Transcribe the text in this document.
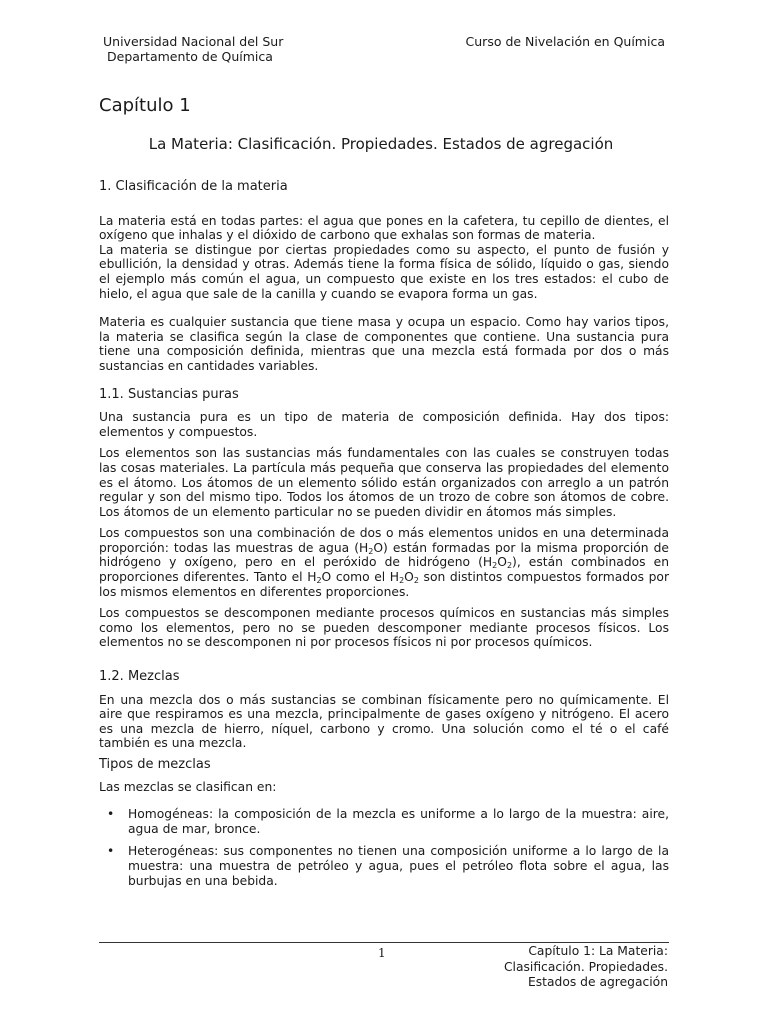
Universidad Nacional del Sur
Departamento de Química
Curso de Nivelación en Química
Capítulo 1
La Materia: Clasificación. Propiedades. Estados de agregación

1. Clasificación de la materia

La materia está en todas partes: el agua que pones en la cafetera, tu cepillo de dientes, el oxígeno que inhalas y el dióxido de carbono que exhalas son formas de materia.

La materia se distingue por ciertas propiedades como su aspecto, el punto de fusión y ebullición, la densidad y otras. Además tiene la forma física de sólido, líquido o gas, siendo el ejemplo más común el agua, un compuesto que existe en los tres estados: el cubo de hielo, el agua que sale de la canilla y cuando se evapora forma un gas.

Materia es cualquier sustancia que tiene masa y ocupa un espacio. Como hay varios tipos, la materia se clasifica según la clase de componentes que contiene. Una sustancia pura tiene una composición definida, mientras que una mezcla está formada por dos o más sustancias en cantidades variables.

1.1. Sustancias puras

Una sustancia pura es un tipo de materia de composición definida. Hay dos tipos: elementos y compuestos.

Los elementos son las sustancias más fundamentales con las cuales se construyen todas las cosas materiales. La partícula más pequeña que conserva las propiedades del elemento es el átomo. Los átomos de un elemento sólido están organizados con arreglo a un patrón regular y son del mismo tipo. Todos los átomos de un trozo de cobre son átomos de cobre. Los átomos de un elemento particular no se pueden dividir en átomos más simples.

Los compuestos son una combinación de dos o más elementos unidos en una determinada proporción: todas las muestras de agua $(H_2O)$ están formadas por la misma proporción de hidrógeno y oxígeno, pero en el peróxido de hidrógeno $(H_2O_2)$, están combinados en proporciones diferentes. Tanto el $H_2O$ como el $H_2O_2$ son distintos compuestos formados por los mismos elementos en diferentes proporciones.

Los compuestos se descomponen mediante procesos químicos en sustancias más simples como los elementos, pero no se pueden descomponer mediante procesos físicos. Los elementos no se descomponen ni por procesos físicos ni por procesos químicos.

1.2. Mezclas

En una mezcla dos o más sustancias se combinan físicamente pero no químicamente. El aire que respiramos es una mezcla, principalmente de gases oxígeno y nitrógeno. El acero es una mezcla de hierro, níquel, carbono y cromo. Una solución como el té o el café también es una mezcla.

Tipos de mezclas

Las mezclas se clasifican en:

• Homogéneas: la composición de la mezcla es uniforme a lo largo de la muestra: aire, agua de mar, bronce.
• Heterogéneas: sus componentes no tienen una composición uniforme a lo largo de la muestra: una muestra de petróleo y agua, pues el petróleo flota sobre el agua, las burbujas en una bebida.
1	Capítulo 1: La Materia:
Clasificación. Propiedades.
Estados de agregación
